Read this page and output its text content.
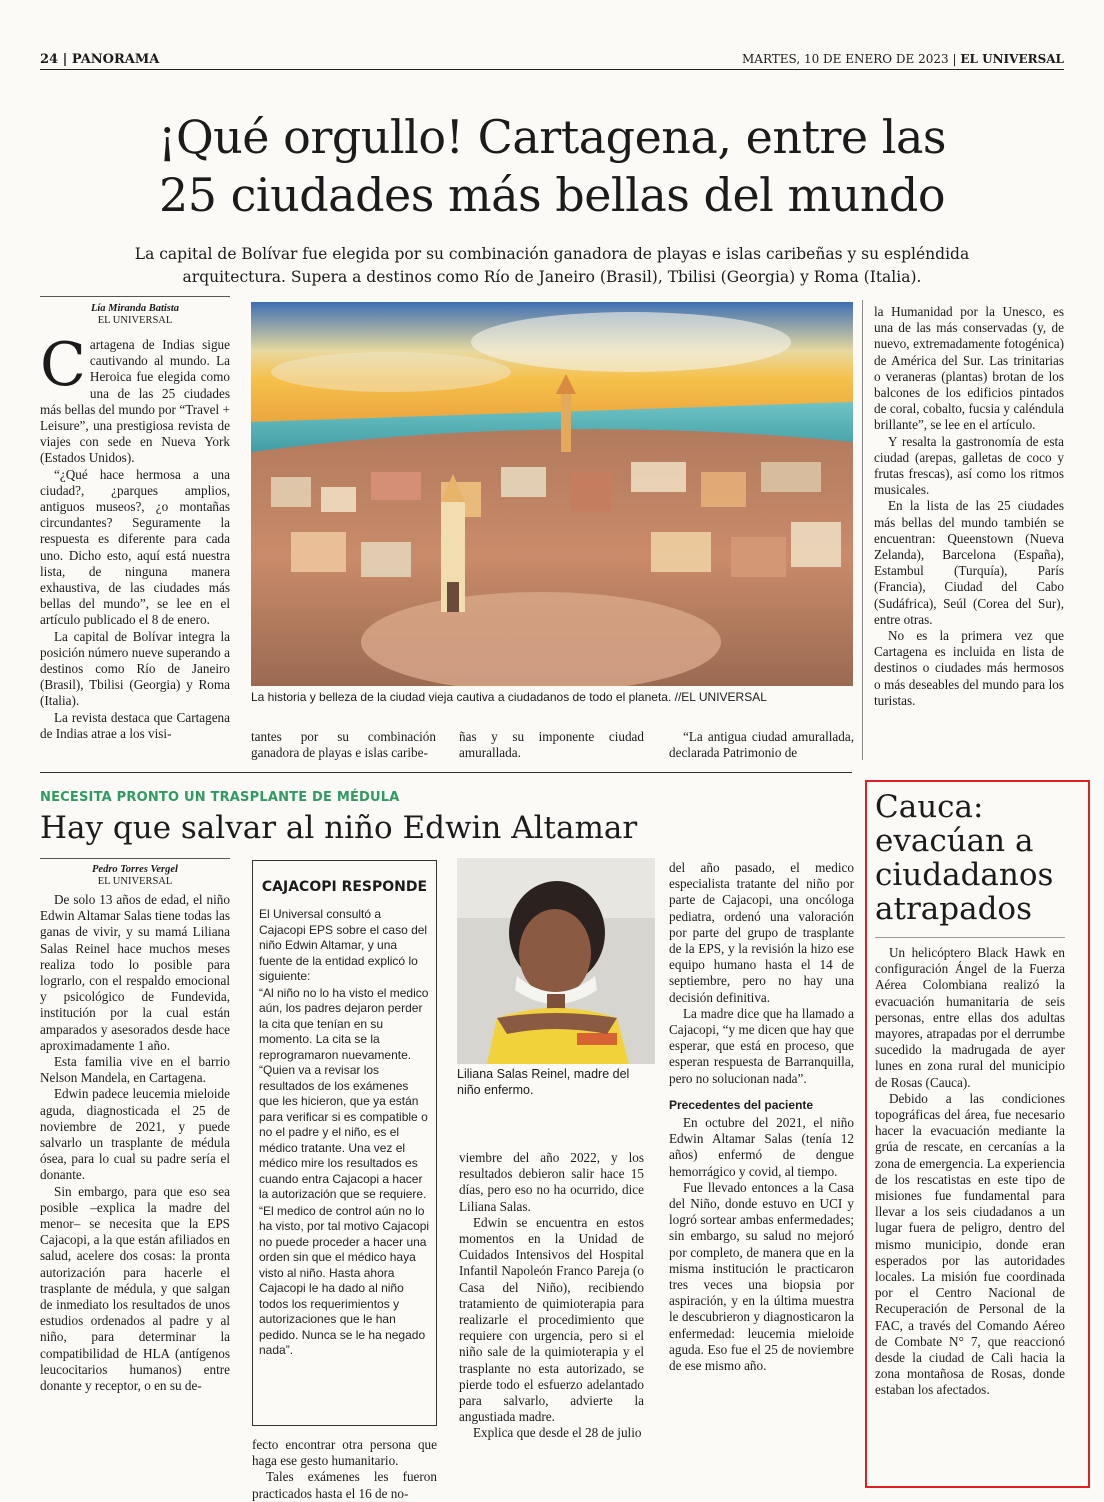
24 | PANORAMA	MARTES, 10 DE ENERO DE 2023 | EL UNIVERSAL
¡Qué orgullo! Cartagena, entre las
25 ciudades más bellas del mundo
La capital de Bolívar fue elegida por su combinación ganadora de playas e islas caribeñas y su espléndida
arquitectura. Supera a destinos como Río de Janeiro (Brasil), Tbilisi (Georgia) y Roma (Italia).
Lía Miranda Batista
EL UNIVERSAL
C artagena de Indias sigue cautivando al mundo. La Heroica fue elegida como una de las 25 ciudades más bellas del mundo por “Travel + Leisure”, una prestigiosa revista de viajes con sede en Nueva York (Estados Unidos).

“¿Qué hace hermosa a una ciudad?, ¿parques amplios, antiguos museos?, ¿o montañas circundantes? Seguramente la respuesta es diferente para cada uno. Dicho esto, aquí está nuestra lista, de ninguna manera exhaustiva, de las ciudades más bellas del mundo”, se lee en el artículo publicado el 8 de enero.

La capital de Bolívar integra la posición número nueve superando a destinos como Río de Janeiro (Brasil), Tbilisi (Georgia) y Roma (Italia).

La revista destaca que Cartagena de Indias atrae a los visi-

La historia y belleza de la ciudad vieja cautiva a ciudadanos de todo el planeta. //EL UNIVERSAL

tantes por su combinación ganadora de playas e islas caribe-

ñas y su imponente ciudad amurallada.

“La antigua ciudad amurallada, declarada Patrimonio de

la Humanidad por la Unesco, es una de las más conservadas (y, de nuevo, extremadamente fotogénica) de América del Sur. Las trinitarias o veraneras (plantas) brotan de los balcones de los edificios pintados de coral, cobalto, fucsia y caléndula brillante”, se lee en el artículo.

Y resalta la gastronomía de esta ciudad (arepas, galletas de coco y frutas frescas), así como los ritmos musicales.

En la lista de las 25 ciudades más bellas del mundo también se encuentran: Queenstown (Nueva Zelanda), Barcelona (España), Estambul (Turquía), París (Francia), Ciudad del Cabo (Sudáfrica), Seúl (Corea del Sur), entre otras.

No es la primera vez que Cartagena es incluida en lista de destinos o ciudades más hermosos o más deseables del mundo para los turistas.

NECESITA PRONTO UN TRASPLANTE DE MÉDULA
Hay que salvar al niño Edwin Altamar
Pedro Torres Vergel
EL UNIVERSAL

De solo 13 años de edad, el niño Edwin Altamar Salas tiene todas las ganas de vivir, y su mamá Liliana Salas Reinel hace muchos meses realiza todo lo posible para lograrlo, con el respaldo emocional y psicológico de Fundevida, institución por la cual están amparados y asesorados desde hace aproximadamente 1 año.

Esta familia vive en el barrio Nelson Mandela, en Cartagena.

Edwin padece leucemia mieloide aguda, diagnosticada el 25 de noviembre de 2021, y puede salvarlo un trasplante de médula ósea, para lo cual su padre sería el donante.

Sin embargo, para que eso sea posible –explica la madre del menor– se necesita que la EPS Cajacopi, a la que están afiliados en salud, acelere dos cosas: la pronta autorización para hacerle el trasplante de médula, y que salgan de inmediato los resultados de unos estudios ordenados al padre y al niño, para determinar la compatibilidad de HLA (antígenos leucocitarios humanos) entre donante y receptor, o en su de-

CAJACOPI RESPONDE

El Universal consultó a Cajacopi EPS sobre el caso del niño Edwin Altamar, y una fuente de la entidad explicó lo siguiente:

“Al niño no lo ha visto el medico aún, los padres dejaron perder la cita que tenían en su momento. La cita se la reprogramaron nuevamente. “Quien va a revisar los resultados de los exámenes que les hicieron, que ya están para verificar si es compatible o no el padre y el niño, es el médico tratante. Una vez el médico mire los resultados es cuando entra Cajacopi a hacer la autorización que se requiere.

“El medico de control aún no lo ha visto, por tal motivo Cajacopi no puede proceder a hacer una orden sin que el médico haya visto al niño. Hasta ahora Cajacopi le ha dado al niño todos los requerimientos y autorizaciones que le han pedido. Nunca se le ha negado nada”.

fecto encontrar otra persona que haga ese gesto humanitario.

Tales exámenes les fueron practicados hasta el 16 de no-

Liliana Salas Reinel, madre del niño enfermo.

viembre del año 2022, y los resultados debieron salir hace 15 días, pero eso no ha ocurrido, dice Liliana Salas.

Edwin se encuentra en estos momentos en la Unidad de Cuidados Intensivos del Hospital Infantil Napoleón Franco Pareja (o Casa del Niño), recibiendo tratamiento de quimioterapia para realizarle el procedimiento que requiere con urgencia, pero si el niño sale de la quimioterapia y el trasplante no esta autorizado, se pierde todo el esfuerzo adelantado para salvarlo, advierte la angustiada madre.

Explica que desde el 28 de julio

del año pasado, el medico especialista tratante del niño por parte de Cajacopi, una oncóloga pediatra, ordenó una valoración por parte del grupo de trasplante de la EPS, y la revisión la hizo ese equipo humano hasta el 14 de septiembre, pero no hay una decisión definitiva.

La madre dice que ha llamado a Cajacopi, “y me dicen que hay que esperar, que está en proceso, que esperan respuesta de Barranquilla, pero no solucionan nada”.

Precedentes del paciente

En octubre del 2021, el niño Edwin Altamar Salas (tenía 12 años) enfermó de dengue hemorrágico y covid, al tiempo.

Fue llevado entonces a la Casa del Niño, donde estuvo en UCI y logró sortear ambas enfermedades; sin embargo, su salud no mejoró por completo, de manera que en la misma institución le practicaron tres veces una biopsia por aspiración, y en la última muestra le descubrieron y diagnosticaron la enfermedad: leucemia mieloide aguda. Eso fue el 25 de noviembre de ese mismo año.

Cauca: evacúan a ciudadanos atrapados

Un helicóptero Black Hawk en configuración Ángel de la Fuerza Aérea Colombiana realizó la evacuación humanitaria de seis personas, entre ellas dos adultas mayores, atrapadas por el derrumbe sucedido la madrugada de ayer lunes en zona rural del municipio de Rosas (Cauca).

Debido a las condiciones topográficas del área, fue necesario hacer la evacuación mediante la grúa de rescate, en cercanías a la zona de emergencia. La experiencia de los rescatistas en este tipo de misiones fue fundamental para llevar a los seis ciudadanos a un lugar fuera de peligro, dentro del mismo municipio, donde eran esperados por las autoridades locales. La misión fue coordinada por el Centro Nacional de Recuperación de Personal de la FAC, a través del Comando Aéreo de Combate N° 7, que reaccionó desde la ciudad de Cali hacia la zona montañosa de Rosas, donde estaban los afectados.
